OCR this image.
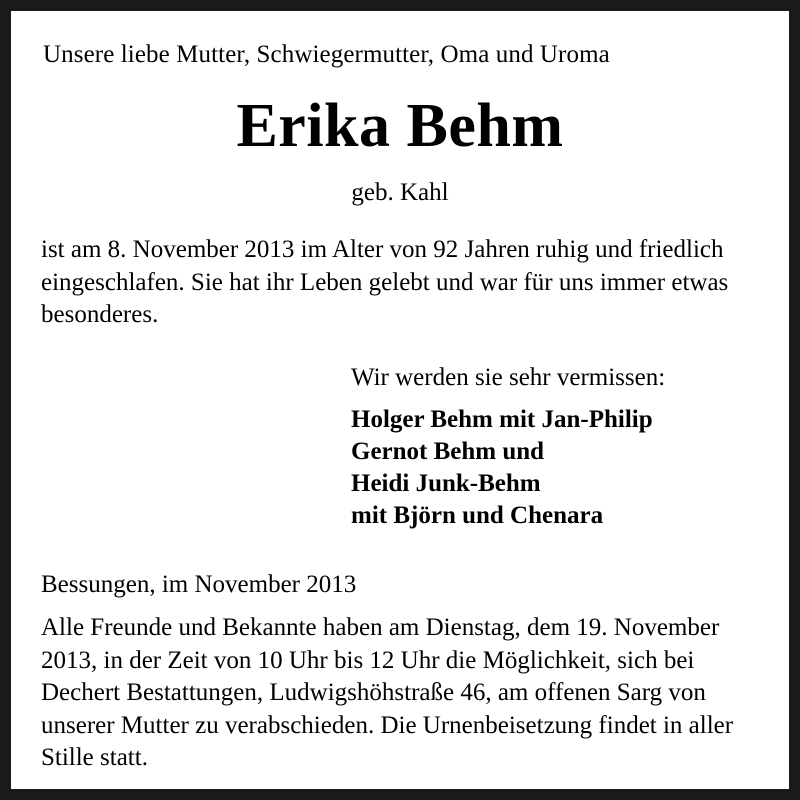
Unsere liebe Mutter, Schwiegermutter, Oma und Uroma
Erika Behm
geb. Kahl
ist am 8. November 2013 im Alter von 92 Jahren ruhig und friedlich eingeschlafen. Sie hat ihr Leben gelebt und war für uns immer etwas besonderes.
Wir werden sie sehr vermissen:
Holger Behm mit Jan-Philip
Gernot Behm und
Heidi Junk-Behm
mit Björn und Chenara
Bessungen, im November 2013
Alle Freunde und Bekannte haben am Dienstag, dem 19. November 2013, in der Zeit von 10 Uhr bis 12 Uhr die Möglichkeit, sich bei Dechert Bestattungen, Ludwigshöhstraße 46, am offenen Sarg von unserer Mutter zu verabschieden. Die Urnenbeisetzung findet in aller Stille statt.
